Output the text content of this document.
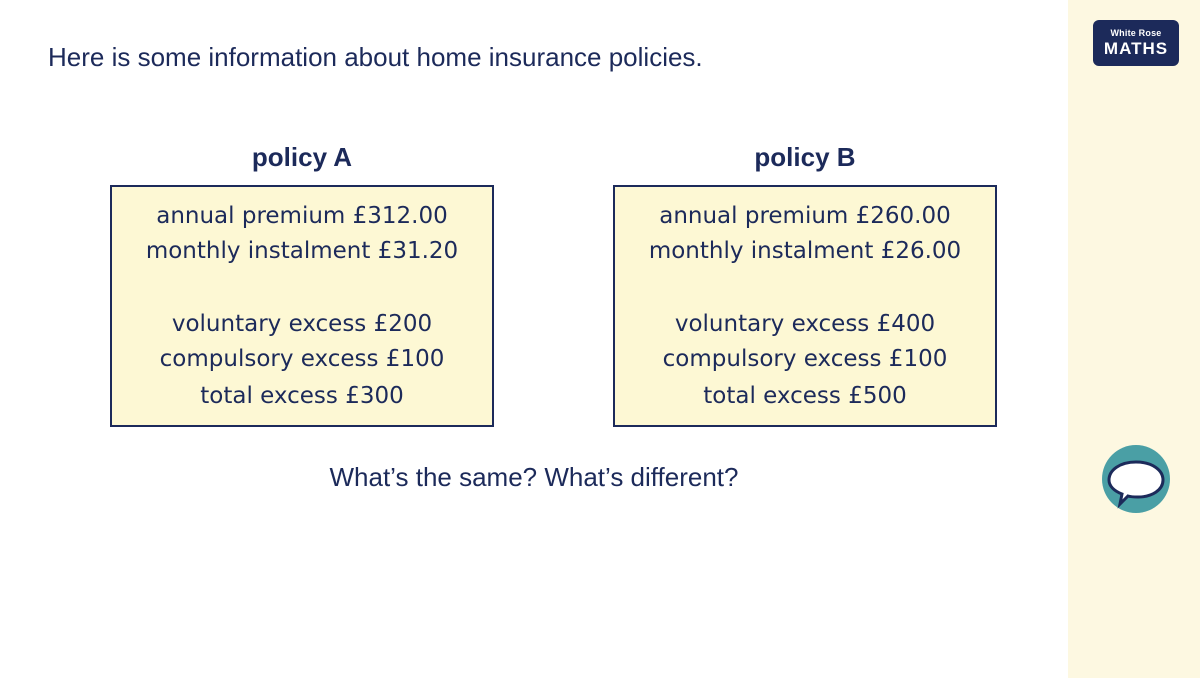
Here is some information about home insurance policies.
policy A
annual premium £312.00
monthly instalment £31.20
voluntary excess £200
compulsory excess £100
total excess £300
policy B
annual premium £260.00
monthly instalment £26.00
voluntary excess £400
compulsory excess £100
total excess £500
What’s the same? What’s different?
White Rose
MATHS
